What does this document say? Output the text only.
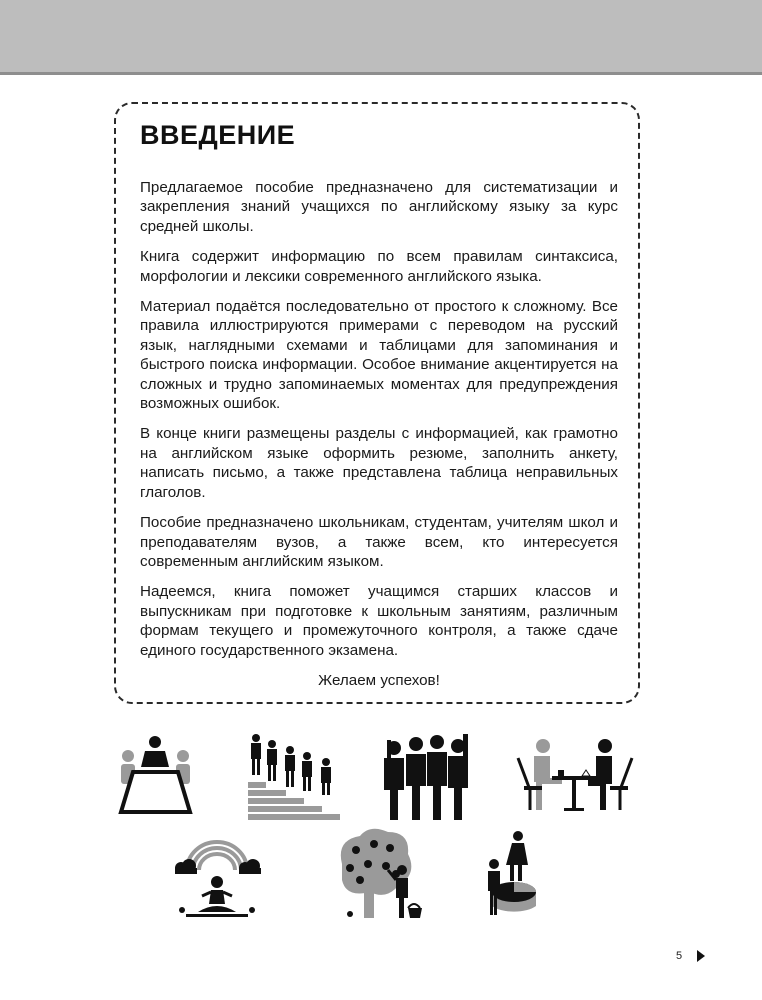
ВВЕДЕНИЕ

Предлагаемое пособие предназначено для систематизации и закрепления знаний учащихся по английскому языку за курс средней школы.

Книга содержит информацию по всем правилам синтаксиса, морфологии и лексики современного английского языка.

Материал подаётся последовательно от простого к сложному. Все правила иллюстрируются примерами с переводом на русский язык, наглядными схемами и таблицами для запоминания и быстрого поиска информации. Особое внимание акцентируется на сложных и трудно запоминаемых моментах для предупреждения возможных ошибок.

В конце книги размещены разделы с информацией, как грамотно на английском языке оформить резюме, заполнить анкету, написать письмо, а также представлена таблица неправильных глаголов.

Пособие предназначено школьникам, студентам, учителям школ и преподавателям вузов, а также всем, кто интересуется современным английским языком.

Надеемся, книга поможет учащимся старших классов и выпускникам при подготовке к школьным занятиям, различным формам текущего и промежуточного контроля, а также сдаче единого государственного экзамена.

Желаем успехов!

5
